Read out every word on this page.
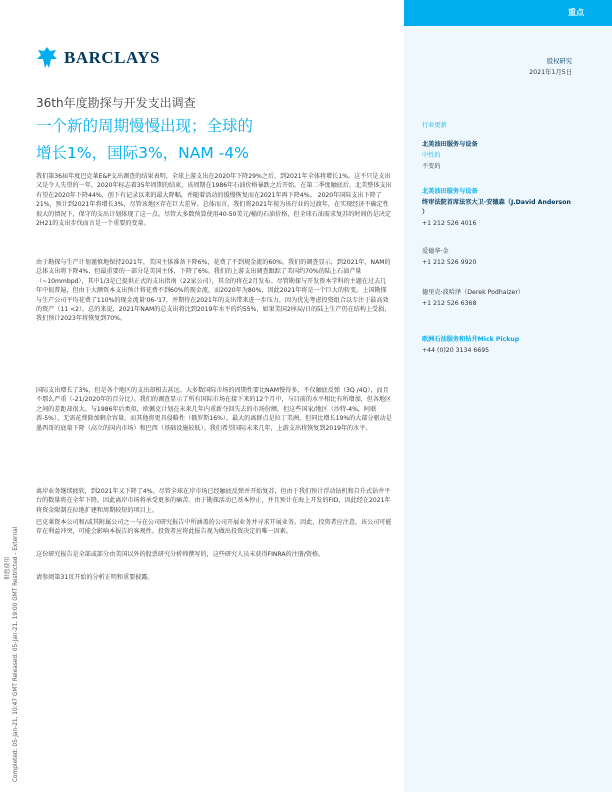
重点
BARCLAYS	股权研究
2021年1月5日
36th年度勘探与开发支出调查
一个新的周期慢慢出现；全球的
增长1%，国际3%，NAM -4%
我们第36届年度巴克莱E&P支出调查的结果表明，全球上游支出在2020年下降29%之后，到2021年全体将增长1%。这不只是支出又是令人失望的一年，2020年标志着35年周期的结束，该周期在1986年石油价格暴跌之后开始。在第二季度触底后，北美整体支出有望在2020年下降44%，创下有记录以来的最大降幅，并随着活动的缓慢恢复而在2021年再下降4%。 2020年国际支出下降了21%，预计到2021年将增长3%，尽管该地区存在巨大差异。总体而言，我们将2021年视为该行业的过渡年，在实现经济不确定性很大的情况下，保守的支出计划体现了这一点。尽管大多数预算使用40-50美元/桶的石油价格，但全球石油需求复苏的时间仍是决定2H21的支出步伐而言是一个重要的变量。
由于勘探与生产计划谨慎地保持2021年，美国主体准备下降6%，花费了不到规金流的60%。我们的调查显示，到2021年，NAM的总体支出将下降4%，但最重要的一部分是美国主体，下降了6%。我们的上游支出调查跟踪了美国约70%的陆上石油产量（~10mmbpd），其中1/3是已提供正式的支出指南（22家公司），其余的将在2月发布。尽管勘探与开发资本学科的主题在过去几年中很普遍，但由于大额资本支出预计将花费不到60%的现金流，而2020年为80%，因此2021年将是一个巨大的转变。上国勘探与生产公司平均花费了110%的现金流量'06-'17，并期待在2021年的支出带来进一步压力，因为优先考虑投资组合以专注于最高效的资产（11 <2）。总的来说，2021年NAM的总支出将比到2019年水平的约55%，如果美国2座局/日的陆上生产仍在结构上受损，我们预计2023年将恢复到70%。
国际支出增长了3%，但是各个地区的支出却相去甚远。大多数国际市场的周期性要比NAM慢得多，不仅触底反弹（3Q /4Q），而且不那么严重（-21/2020年的百分比）。我们的调查显示了所有国际市场在接下来的12个月中，与目前的水平相比有所增加，但各地区之间的差距却很大。与1986年后类似，欧佩克计划在未来几年内重新夺回失去的市场份额，但这些国家/地区（沙特-4%，阿联酋-5%），无需花费除加剩余容量，而其他将更具侵略性（俄罗斯16%）。最大的离群点是拉丁美洲，但同比增长19%的大部分驱动是墨西哥的底量下降（高立的国内市场）和巴西（基础设施较低）。我们希望国际未来几年，上游支出将恢复到2019年的水平。
离岸业务继续疲软，到2021年又下降了4%。尽管全球在岸市场已经触底反弹并开始复苏，但由于我们预计浮动钻机和自升式钻井平台的数量将在全年下降，因此离岸市场将承受更多的痛苦。由于勘探活动已基本停止，并且预计在海上开发的FID，因此经在2021年将资金限制在拉地扩建和周期较短的项目上。
巴克莱资本公司和/或其附属公司之一与在公司研究报告中所涵盖的公司开展业务并寻求开展业务。因此，投资者应注意，该公司可能存在利益冲突，可能会影响本报告的客观性。投资者应将此报告视为做出投资决定的唯一因素。
这份研究报告是全部或部分由美国以外的股票研究分析师撰写的，这些研究人员未获得FINRA的注册/资格。
请参阅第31页开始的分析正明和重要披露。
行业更新
北美油田服务与设备
中性的
不变的
北美油田服务与设备
终审法院首席法官大卫·安德森（J.David Anderson
）
+1 212 526 4016
爱德华·金
+1 212 526 9920
德里克·波哈泽（Derek Podhaizer）
+1 212 526 6368
欧洲石油服务和钻井Mick Pickup
+44 (0)20 3134 6695
Completed: 05-Jan-21, 10:47 GMT Released: 05-Jan-21, 19:00 GMT Restricted - External
供您使用
